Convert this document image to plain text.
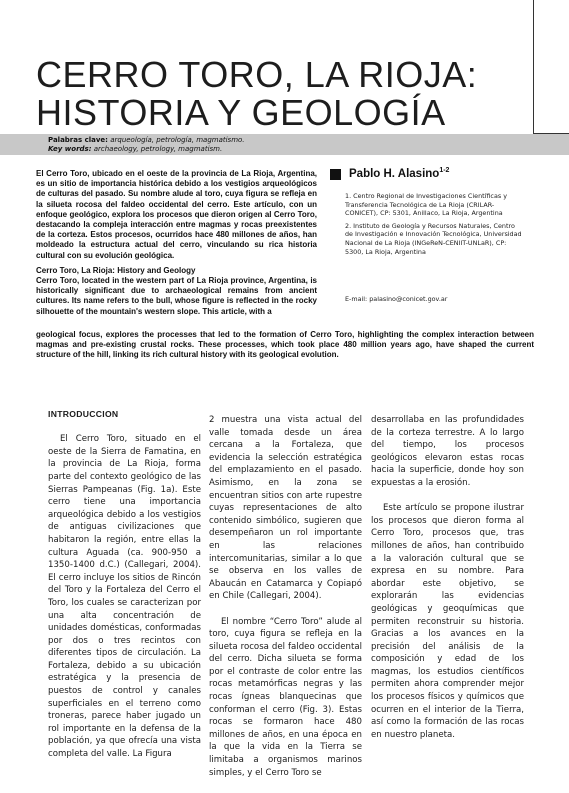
CERRO TORO, LA RIOJA:
HISTORIA Y GEOLOGÍA
Palabras clave: arqueología, petrología, magmatismo.
Key words: archaeology, petrology, magmatism.

El Cerro Toro, ubicado en el oeste de la provincia de La Rioja, Argentina, es un sitio de importancia histórica debido a los vestigios arqueológicos de culturas del pasado. Su nombre alude al toro, cuya figura se refleja en la silueta rocosa del faldeo occidental del cerro. Este artículo, con un enfoque geológico, explora los procesos que dieron origen al Cerro Toro, destacando la compleja interacción entre magmas y rocas preexistentes de la corteza. Estos procesos, ocurridos hace 480 millones de años, han moldeado la estructura actual del cerro, vinculando su rica historia cultural con su evolución geológica.

Cerro Toro, La Rioja: History and Geology

Cerro Toro, located in the western part of La Rioja province, Argentina, is historically significant due to archaeological remains from ancient cultures. Its name refers to the bull, whose figure is reflected in the rocky silhouette of the mountain's western slope. This article, with a

geological focus, explores the processes that led to the formation of Cerro Toro, highlighting the complex interaction between magmas and pre-existing crustal rocks. These processes, which took place 480 million years ago, have shaped the current structure of the hill, linking its rich cultural history with its geological evolution.
Pablo H. Alasino$^{1-2}$

1. Centro Regional de Investigaciones Científicas y Transferencia Tecnológica de La Rioja (CRILAR-CONICET), CP: 5301, Anillaco, La Rioja, Argentina

2. Instituto de Geología y Recursos Naturales, Centro de Investigación e Innovación Tecnológica, Universidad Nacional de La Rioja (INGeReN-CENIIT-UNLaR), CP: 5300, La Rioja, Argentina

E-mail: palasino@conicet.gov.ar

INTRODUCCION

El Cerro Toro, situado en el oeste de la Sierra de Famatina, en la provincia de La Rioja, forma parte del contexto geológico de las Sierras Pampeanas (Fig. 1a). Este cerro tiene una importancia arqueológica debido a los vestigios de antiguas civilizaciones que habitaron la región, entre ellas la cultura Aguada (ca. 900-950 a 1350-1400 d.C.) (Callegari, 2004). El cerro incluye los sitios de Rincón del Toro y la Fortaleza del Cerro el Toro, los cuales se caracterizan por una alta concentración de unidades domésticas, conformadas por dos o tres recintos con diferentes tipos de circulación. La Fortaleza, debido a su ubicación estratégica y la presencia de puestos de control y canales superficiales en el terreno como troneras, parece haber jugado un rol importante en la defensa de la población, ya que ofrecía una vista completa del valle. La Figura

2 muestra una vista actual del valle tomada desde un área cercana a la Fortaleza, que evidencia la selección estratégica del emplazamiento en el pasado. Asimismo, en la zona se encuentran sitios con arte rupestre cuyas representaciones de alto contenido simbólico, sugieren que desempeñaron un rol importante en las relaciones intercomunitarias, similar a lo que se observa en los valles de Abaucán en Catamarca y Copiapó en Chile (Callegari, 2004).

El nombre “Cerro Toro” alude al toro, cuya figura se refleja en la silueta rocosa del faldeo occidental del cerro. Dicha silueta se forma por el contraste de color entre las rocas metamórficas negras y las rocas ígneas blanquecinas que conforman el cerro (Fig. 3). Estas rocas se formaron hace 480 millones de años, en una época en la que la vida en la Tierra se limitaba a organismos marinos simples, y el Cerro Toro se

desarrollaba en las profundidades de la corteza terrestre. A lo largo del tiempo, los procesos geológicos elevaron estas rocas hacia la superficie, donde hoy son expuestas a la erosión.

Este artículo se propone ilustrar los procesos que dieron forma al Cerro Toro, procesos que, tras millones de años, han contribuido a la valoración cultural que se expresa en su nombre. Para abordar este objetivo, se explorarán las evidencias geológicas y geoquímicas que permiten reconstruir su historia. Gracias a los avances en la precisión del análisis de la composición y edad de los magmas, los estudios científicos permiten ahora comprender mejor los procesos físicos y químicos que ocurren en el interior de la Tierra, así como la formación de las rocas en nuestro planeta.
